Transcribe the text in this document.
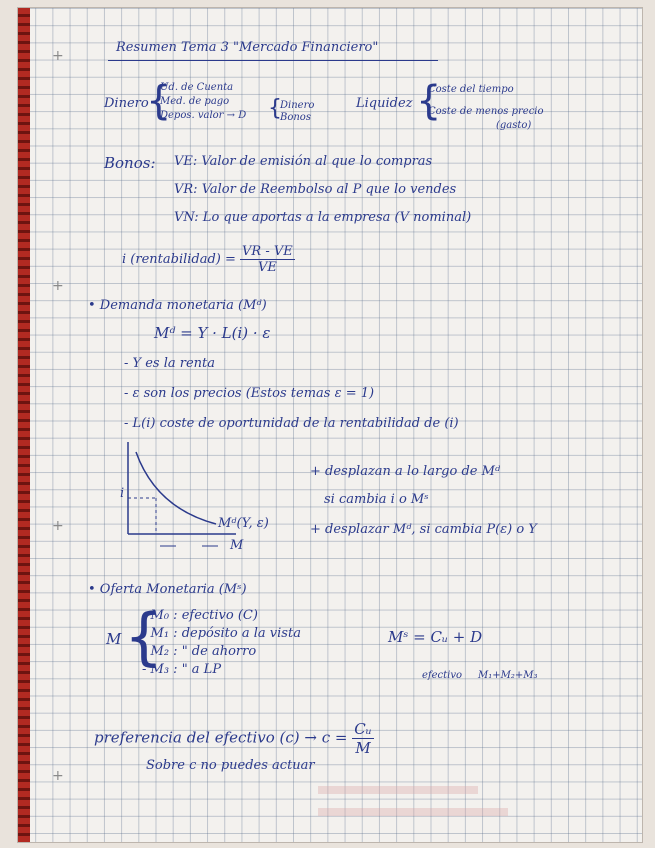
+
+
+
+
Resumen Tema 3 "Mercado Financiero"
Dinero
{
Ud. de Cuenta
Med. de pago
Depos. valor → D {
Dinero
Bonos
Liquidez {
Coste del tiempo
Coste de menos precio
(gasto)
Bonos: VE: Valor de emisión al que lo compras
VR: Valor de Reembolso al P que lo vendes
VN: Lo que aportas a la empresa (V nominal)
i (rentabilidad) = $\frac{VR - VE}{VE}$
• Demanda monetaria (Mᵈ)
Mᵈ = Y · L(i) · ε
- Y es la renta
- ε son los precios (Estos temas ε = 1)
- L(i) coste de oportunidad de la rentabilidad de (i)
i
Mᵈ(Y, ε)
M
+ desplazan a lo largo de Mᵈ
si cambia i o Mˢ
+ desplazar Mᵈ, si cambia P(ε) o Y
• Oferta Monetaria (Mˢ)
M {
- M₀ : efectivo (C)
- M₁ : depósito a la vista
- M₂ : " de ahorro
- M₃ : " a LP
Mˢ = Cᵤ + D
efectivo M₁+M₂+M₃
preferencia del efectivo $(c) \to c = \frac{\text{Cᵤ}}{M}$
Sobre c no puedes actuar
